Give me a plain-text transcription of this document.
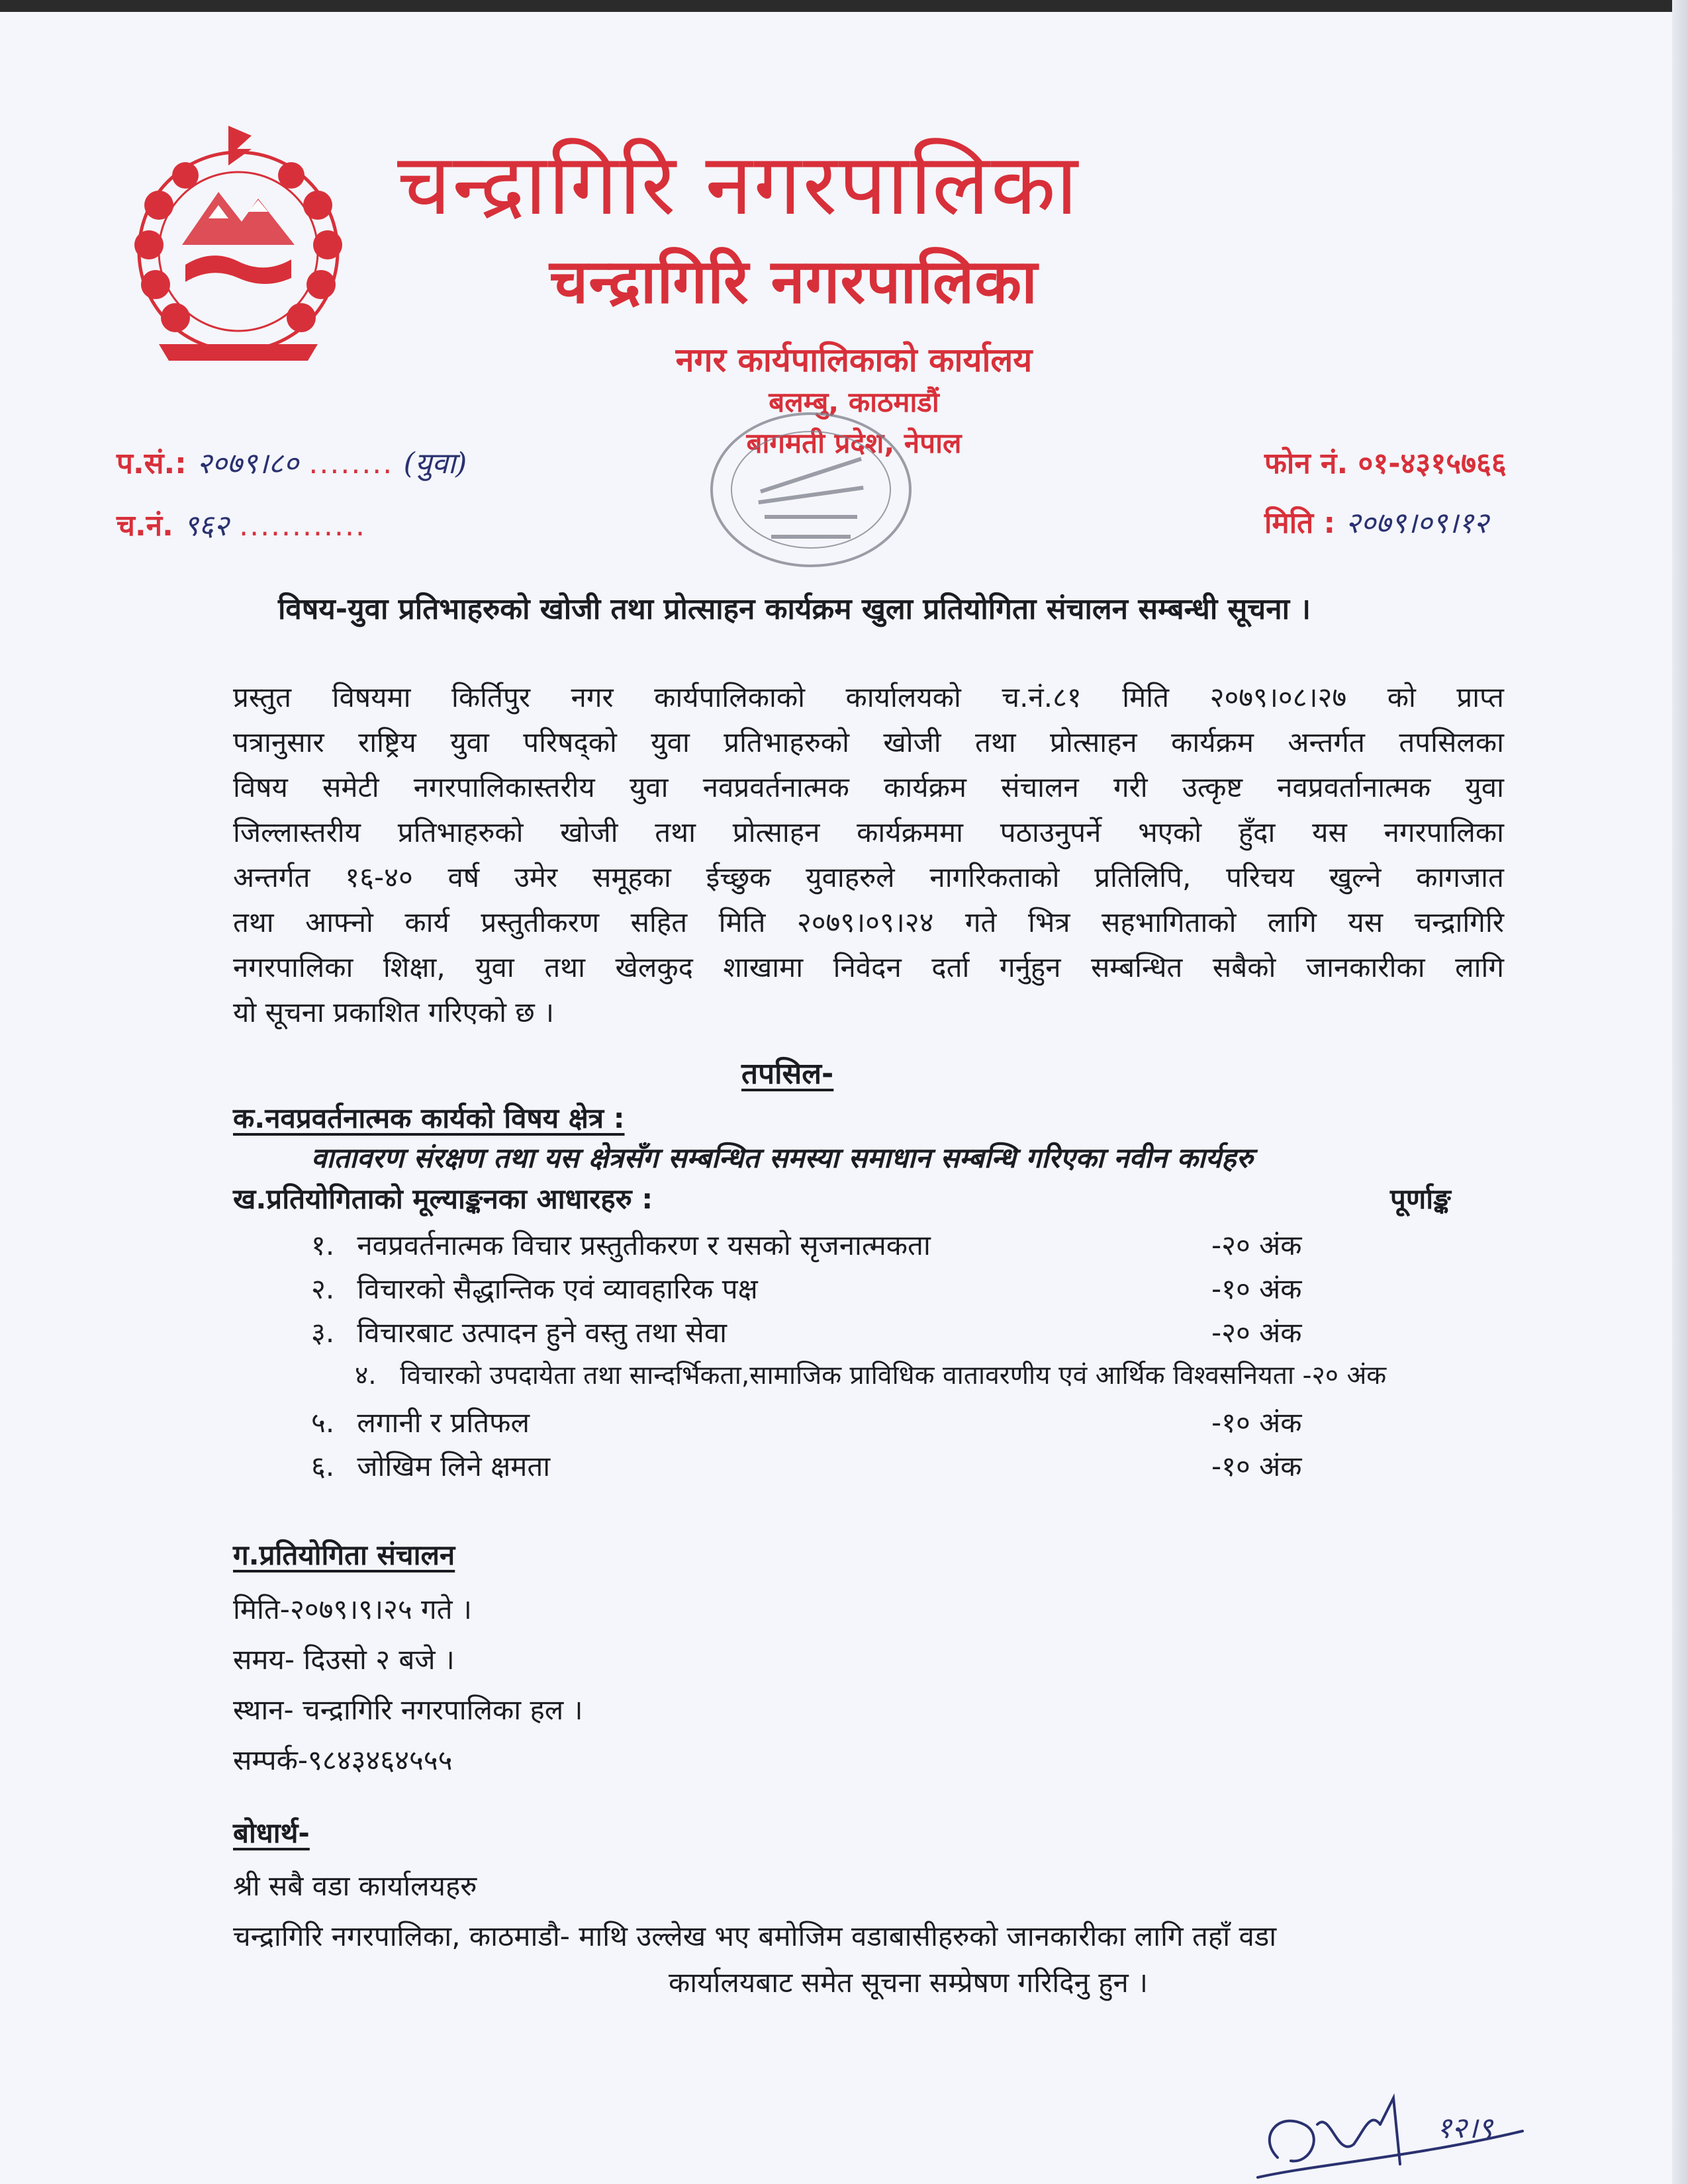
चन्द्रागिरि नगरपालिका
चन्द्रागिरि नगरपालिका
नगर कार्यपालिकाको कार्यालय
बलम्बु, काठमाडौं
बागमती प्रदेश, नेपाल
प.सं.: २०७९।८० ........ (युवा)
च.नं. ९६२ ............
फोन नं. ०१-४३१५७६६
मिति : २०७९।०९।१२
विषय-युवा प्रतिभाहरुको खोजी तथा प्रोत्साहन कार्यक्रम खुला प्रतियोगिता संचालन सम्बन्धी सूचना ।
प्रस्तुत विषयमा किर्तिपुर नगर कार्यपालिकाको कार्यालयको च.नं.८१ मिति २०७९।०८।२७ को प्राप्त
पत्रानुसार राष्ट्रिय युवा परिषद्को युवा प्रतिभाहरुको खोजी तथा प्रोत्साहन कार्यक्रम अन्तर्गत तपसिलका
विषय समेटी नगरपालिकास्तरीय युवा नवप्रवर्तनात्मक कार्यक्रम संचालन गरी उत्कृष्ट नवप्रवर्तानात्मक युवा
जिल्लास्तरीय प्रतिभाहरुको खोजी तथा प्रोत्साहन कार्यक्रममा पठाउनुपर्ने भएको हुँदा यस नगरपालिका
अन्तर्गत १६-४० वर्ष उमेर समूहका ईच्छुक युवाहरुले नागरिकताको प्रतिलिपि, परिचय खुल्ने कागजात
तथा आफ्नो कार्य प्रस्तुतीकरण सहित मिति २०७९।०९।२४ गते भित्र सहभागिताको लागि यस चन्द्रागिरि
नगरपालिका शिक्षा, युवा तथा खेलकुद शाखामा निवेदन दर्ता गर्नुहुन सम्बन्धित सबैको जानकारीका लागि
यो सूचना प्रकाशित गरिएको छ ।
तपसिल-
क.नवप्रवर्तनात्मक कार्यको विषय क्षेत्र :
वातावरण संरक्षण तथा यस क्षेत्रसँग सम्बन्धित समस्या समाधान सम्बन्धि गरिएका नवीन कार्यहरु
ख.प्रतियोगिताको मूल्याङ्कनका आधारहरु :	पूर्णाङ्क
१. नवप्रवर्तनात्मक विचार प्रस्तुतीकरण र यसको सृजनात्मकता	-२० अंक
२. विचारको सैद्धान्तिक एवं व्यावहारिक पक्ष	-१० अंक
३. विचारबाट उत्पादन हुने वस्तु तथा सेवा	-२० अंक
४. विचारको उपदायेता तथा सान्दर्भिकता,सामाजिक प्राविधिक वातावरणीय एवं आर्थिक विश्वसनियता -२० अंक
५. लगानी र प्रतिफल	-१० अंक
६. जोखिम लिने क्षमता	-१० अंक
ग.प्रतियोगिता संचालन
मिति-२०७९।९।२५ गते ।
समय- दिउसो २ बजे ।
स्थान- चन्द्रागिरि नगरपालिका हल ।
सम्पर्क-९८४३४६४५५५
बोधार्थ-
श्री सबै वडा कार्यालयहरु
चन्द्रागिरि नगरपालिका, काठमाडौ- माथि उल्लेख भए बमोजिम वडाबासीहरुको जानकारीका लागि तहाँ वडा
कार्यालयबाट समेत सूचना सम्प्रेषण गरिदिनु हुन ।
१२।९
